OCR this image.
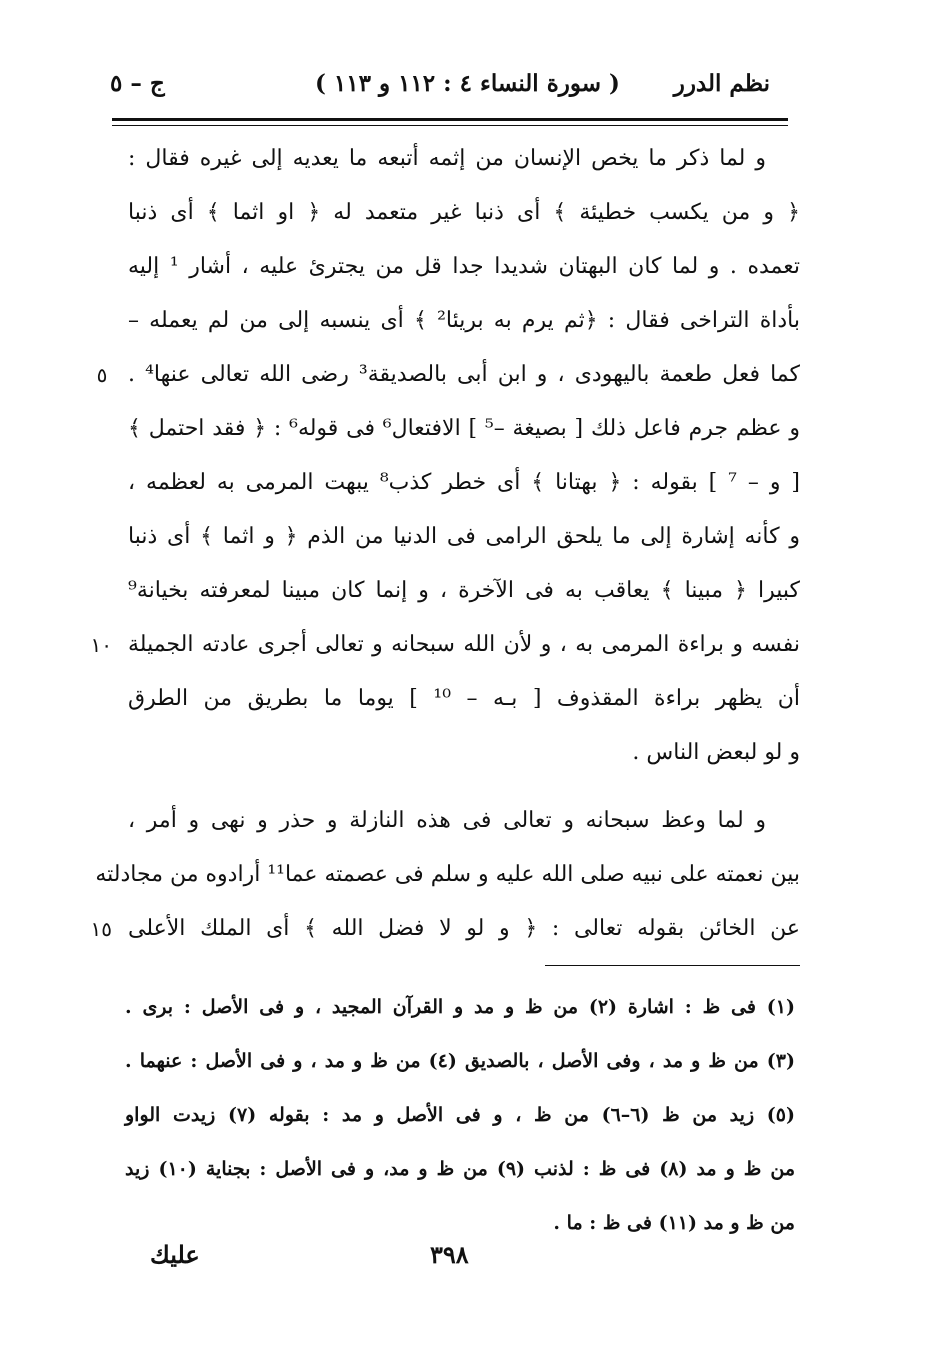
نظم الدرر
( سورة النساء ٤ : ١١٢ و ١١٣ )
ج – ٥
و لما ذكر ما يخص الإنسان من إثمه أتبعه ما يعديه إلى غيره فقال :
﴿ و من يكسب خطيئة ﴾ أى ذنبا غير متعمد له ﴿ او اثما ﴾ أى ذنبا
تعمده . و لما كان البهتان شديدا جدا قل من يجترئ عليه ، أشار ¹ إليه
بأداة التراخى فقال : ﴿ثم يرم به بريئا² ﴾ أى ينسبه إلى من لم يعمله –
٥ كما فعل طعمة باليهودى ، و ابن أبى بالصديقة³ رضى الله تعالى عنها⁴ .
و عظم جرم فاعل ذلك [ بصيغة –⁵ ] الافتعال⁶ فى قوله⁶ : ﴿ فقد احتمل ﴾
[ و – ⁷ ] بقوله : ﴿ بهتانا ﴾ أى خطر كذب⁸ يبهت المرمى به لعظمه ،
و كأنه إشارة إلى ما يلحق الرامى فى الدنيا من الذم ﴿ و اثما ﴾ أى ذنبا
كبيرا ﴿ مبينا ﴾ يعاقب به فى الآخرة ، و إنما كان مبينا لمعرفته بخيانة⁹
١٠ نفسه و براءة المرمى به ، و لأن الله سبحانه و تعالى أجرى عادته الجميلة
أن يظهر براءة المقذوف [ بـه – ¹⁰ ] يوما ما بطريق من الطرق
و لو لبعض الناس .
و لما وعظ سبحانه و تعالى فى هذه النازلة و حذر و نهى و أمر ،
بين نعمته على نبيه صلى الله عليه و سلم فى عصمته عما¹¹ أرادوه من مجادلته
١٥ عن الخائن بقوله تعالى : ﴿ و لو لا فضل الله ﴾ أى الملك الأعلى
(١) فى ظ : اشارة (٢) من ظ و مد و القرآن المجيد ، و فى الأصل : برى .
(٣) من ظ و مد ، وفى الأصل ، بالصديق (٤) من ظ و مد ، و فى الأصل : عنهما .
(٥) زيد من ظ (٦–٦) من ظ ، و فى الأصل و مد : بقوله (٧) زيدت الواو
من ظ و مد (٨) فى ظ : لذنب (٩) من ظ و مد، و فى الأصل : بجناية (١٠) زيد
من ظ و مد (١١) فى ظ : ما .
٣٩٨
عليك
